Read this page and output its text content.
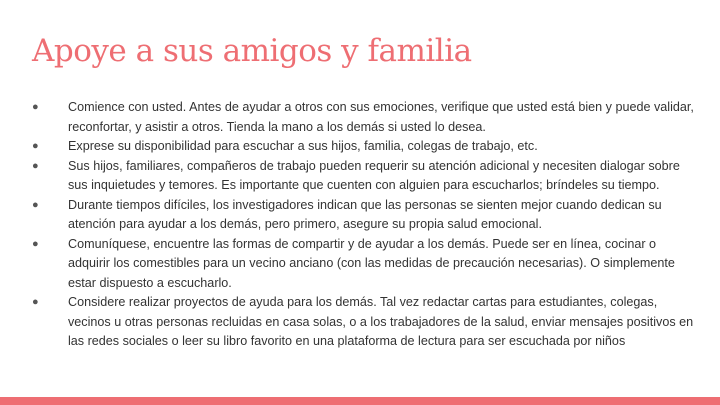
Apoye a sus amigos y familia
● Comience con usted. Antes de ayudar a otros con sus emociones, verifique que usted está bien y puede validar, reconfortar, y asistir a otros. Tienda la mano a los demás si usted lo desea.
● Exprese su disponibilidad para escuchar a sus hijos, familia, colegas de trabajo, etc.
● Sus hijos, familiares, compañeros de trabajo pueden requerir su atención adicional y necesiten dialogar sobre sus inquietudes y temores. Es importante que cuenten con alguien para escucharlos; bríndeles su tiempo.
● Durante tiempos difíciles, los investigadores indican que las personas se sienten mejor cuando dedican su atención para ayudar a los demás, pero primero, asegure su propia salud emocional.
● Comuníquese, encuentre las formas de compartir y de ayudar a los demás. Puede ser en línea, cocinar o adquirir los comestibles para un vecino anciano (con las medidas de precaución necesarias). O simplemente estar dispuesto a escucharlo.
● Considere realizar proyectos de ayuda para los demás. Tal vez redactar cartas para estudiantes, colegas, vecinos u otras personas recluidas en casa solas, o a los trabajadores de la salud, enviar mensajes positivos en las redes sociales o leer su libro favorito en una plataforma de lectura para ser escuchada por niños
